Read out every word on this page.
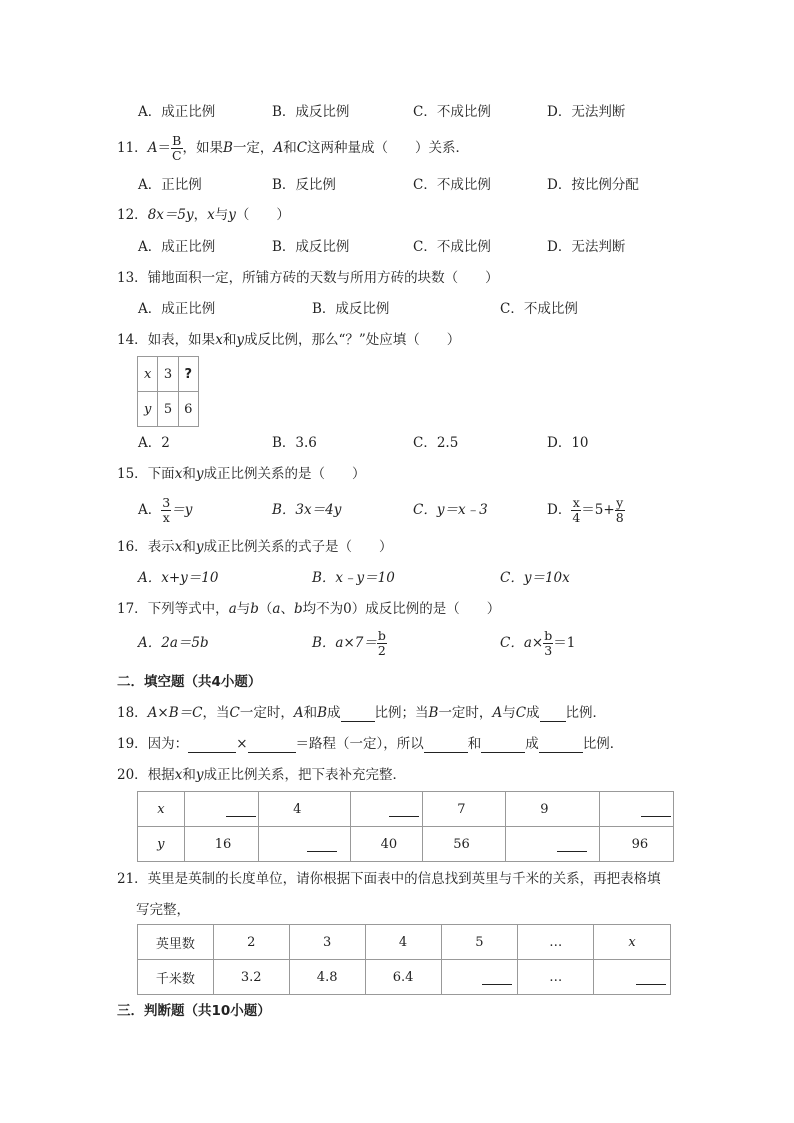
A．成正比例	B．成反比例	C．不成比例	D．无法判断
11．$A= \frac{B}{C}$ ，如果B一定，A和C这两种量成（　　）关系．
A．正比例	B．反比例	C．不成比例	D．按比例分配
12．8x＝5y，x与y（　　）
A．成正比例	B．成反比例	C．不成比例	D．无法判断
13．铺地面积一定，所铺方砖的天数与所用方砖的块数（　　）
A．成正比例	B．成反比例	C．不成比例
14．如表，如果x和y成反比例，那么“？”处应填（　　）
x	3	?
y	5	6
A．2	B．3.6	C．2.5	D．10
15．下面x和y成正比例关系的是（　　）
A． $\frac{3}{x} =y$	B．3x＝4y	C．y＝x﹣3	D． $\frac{x}{4} =5+ \frac{y}{8}$
16．表示x和y成正比例关系的式子是（　　）
A．x+y＝10	B．x﹣y＝10	C．y＝10x
17．下列等式中，a与b（a、b均不为0）成反比例的是（　　）
A．2a＝5b	B．$a\times 7= \frac{b}{2}$	C．$a\times \frac{b}{3} =1$
二．填空题（共4小题）
18．A×B＝C，当C一定时，A和B成	比例；当B一定时，A与C成 比例．
19．因为：	×	＝路程（一定），所以	和	成	比例．
20．根据x和y成正比例关系，把下表补充完整．
x		4		7	9	
y	16		40	56		96
21．英里是英制的长度单位，请你根据下面表中的信息找到英里与千米的关系，再把表格填
写完整，
英里数	2	3	4	5	…	x
千米数	3.2	4.8	6.4		…	
三．判断题（共10小题）
